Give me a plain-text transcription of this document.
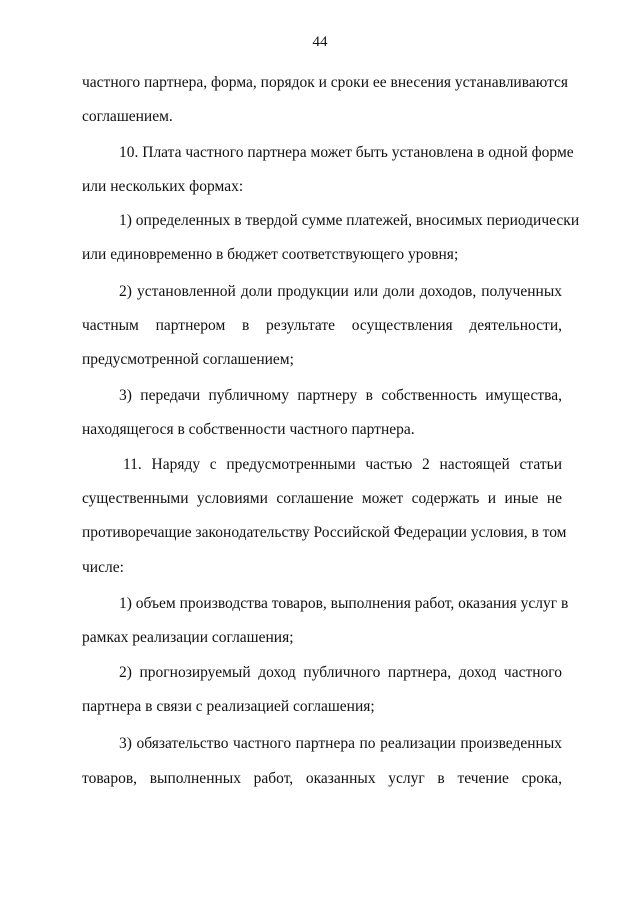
44
частного партнера, форма, порядок и сроки ее внесения устанавливаются
соглашением.
10. Плата частного партнера может быть установлена в одной форме
или нескольких формах:
1) определенных в твердой сумме платежей, вносимых периодически
или единовременно в бюджет соответствующего уровня;
2) установленной доли продукции или доли доходов, полученных
частным партнером в результате осуществления деятельности,
предусмотренной соглашением;
3) передачи публичному партнеру в собственность имущества,
находящегося в собственности частного партнера.
11. Наряду с предусмотренными частью 2 настоящей статьи
существенными условиями соглашение может содержать и иные не
противоречащие законодательству Российской Федерации условия, в том
числе:
1) объем производства товаров, выполнения работ, оказания услуг в
рамках реализации соглашения;
2) прогнозируемый доход публичного партнера, доход частного
партнера в связи с реализацией соглашения;
3) обязательство частного партнера по реализации произведенных
товаров, выполненных работ, оказанных услуг в течение срока,
